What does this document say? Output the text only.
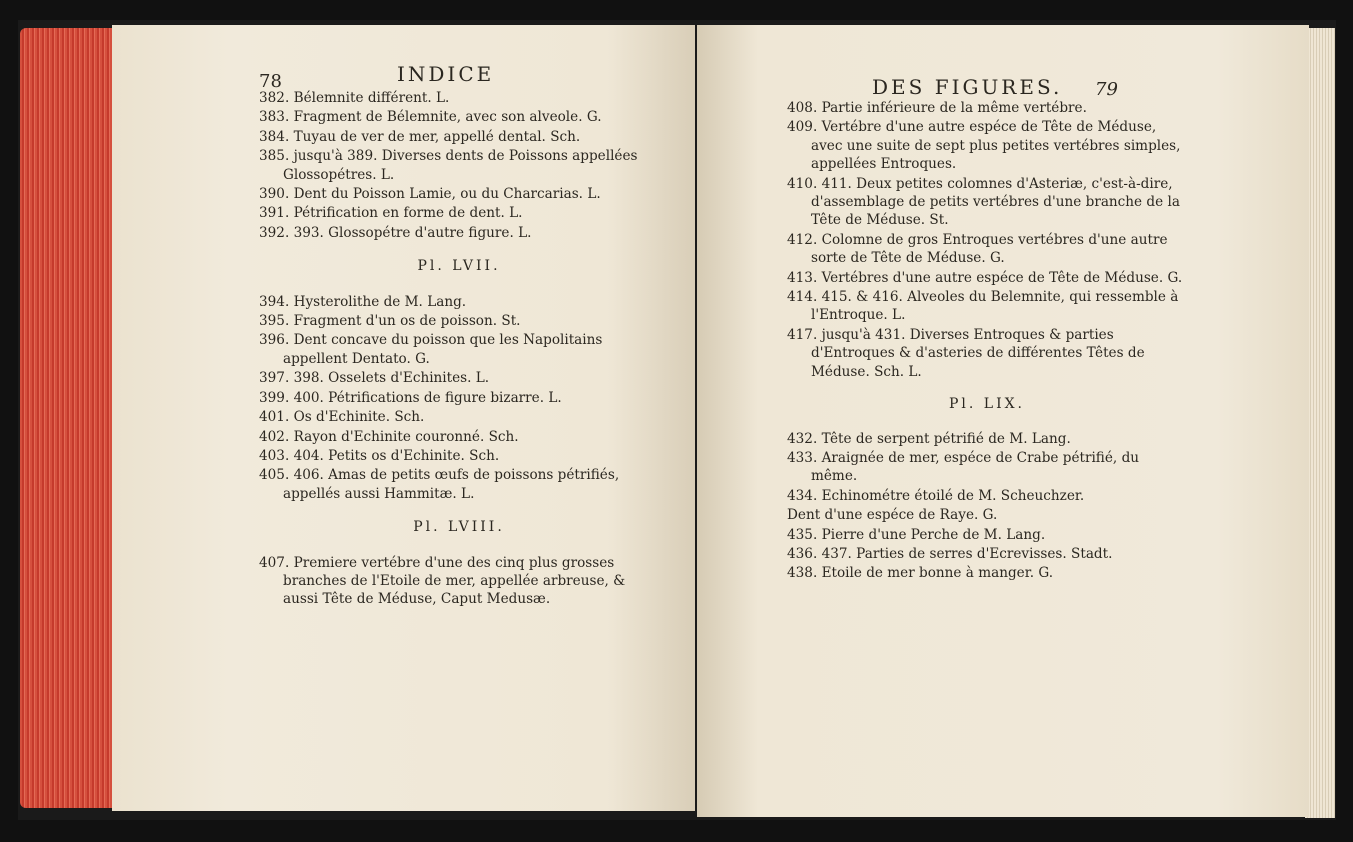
78	INDICE
382. Bélemnite différent. L.
383. Fragment de Bélemnite, avec son alveole. G.
384. Tuyau de ver de mer, appellé dental. Sch.
385. jusqu'à 389. Diverses dents de Poissons appellées Glossopétres. L.
390. Dent du Poisson Lamie, ou du Charcarias. L.
391. Pétrification en forme de dent. L.
392. 393. Glossopétre d'autre figure. L.
Pl. LVII.
394. Hysterolithe de M. Lang.
395. Fragment d'un os de poisson. St.
396. Dent concave du poisson que les Napolitains appellent Dentato. G.
397. 398. Osselets d'Echinites. L.
399. 400. Pétrifications de figure bizarre. L.
401. Os d'Echinite. Sch.
402. Rayon d'Echinite couronné. Sch.
403. 404. Petits os d'Echinite. Sch.
405. 406. Amas de petits œufs de poissons pétrifiés, appellés aussi Hammitæ. L.
Pl. LVIII.
407. Premiere vertébre d'une des cinq plus grosses branches de l'Etoile de mer, appellée arbreuse, & aussi Tête de Méduse, Caput Medusæ.
DES FIGURES. 79
408. Partie inférieure de la même vertébre.
409. Vertébre d'une autre espéce de Tête de Méduse, avec une suite de sept plus petites vertébres simples, appellées Entroques.
410. 411. Deux petites colomnes d'Asteriæ, c'est-à-dire, d'assemblage de petits vertébres d'une branche de la Tête de Méduse. St.
412. Colomne de gros Entroques vertébres d'une autre sorte de Tête de Méduse. G.
413. Vertébres d'une autre espéce de Tête de Méduse. G.
414. 415. & 416. Alveoles du Belemnite, qui ressemble à l'Entroque. L.
417. jusqu'à 431. Diverses Entroques & parties d'Entroques & d'asteries de différentes Têtes de Méduse. Sch. L.
Pl. LIX.
432. Tête de serpent pétrifié de M. Lang.
433. Araignée de mer, espéce de Crabe pétrifié, du même.
434. Echinométre étoilé de M. Scheuchzer.
Dent d'une espéce de Raye. G.
435. Pierre d'une Perche de M. Lang.
436. 437. Parties de serres d'Ecrevisses. Stadt.
438. Etoile de mer bonne à manger. G.
